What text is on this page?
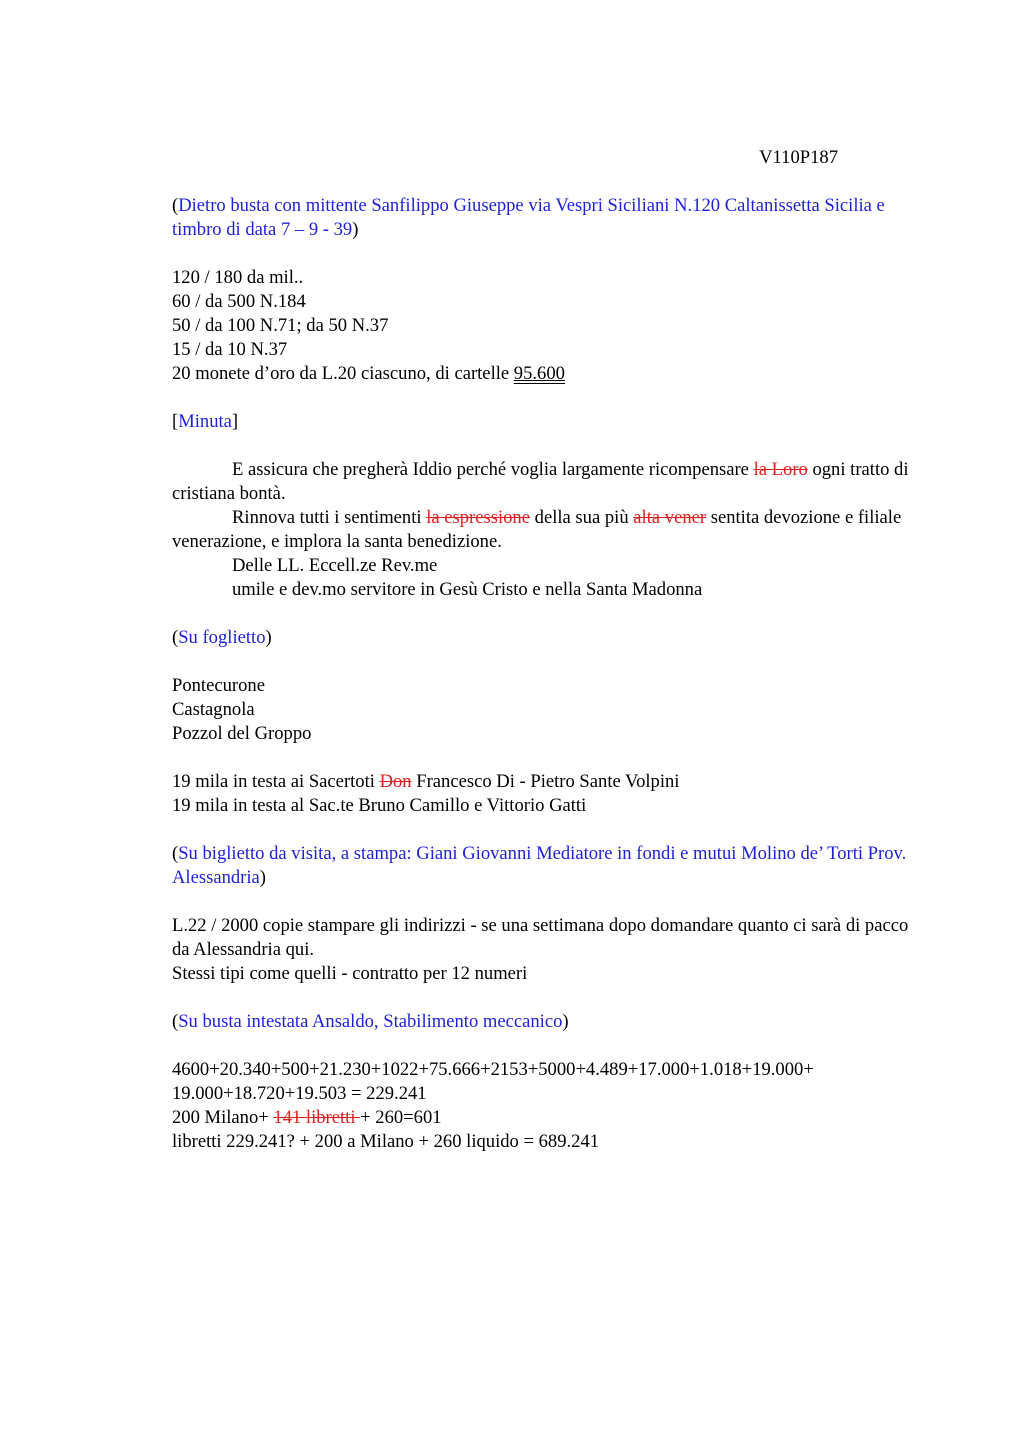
V110P187

(Dietro busta con mittente Sanfilippo Giuseppe via Vespri Siciliani N.120 Caltanissetta Sicilia e timbro di data 7 – 9 - 39)

120 / 180 da mil..

60 / da 500 N.184

50 / da 100 N.71; da 50 N.37

15 / da 10 N.37

20 monete d’oro da L.20 ciascuno, di cartelle 95.600

[Minuta]

E assicura che pregherà Iddio perché voglia largamente ricompensare la Loro ogni tratto di cristiana bontà.

Rinnova tutti i sentimenti la espressione della sua più alta vener sentita devozione e filiale venerazione, e implora la santa benedizione.

Delle LL. Eccell.ze Rev.me

umile e dev.mo servitore in Gesù Cristo e nella Santa Madonna

(Su foglietto)

Pontecurone

Castagnola

Pozzol del Groppo

19 mila in testa ai Sacertoti Don Francesco Di - Pietro Sante Volpini

19 mila in testa al Sac.te Bruno Camillo e Vittorio Gatti

(Su biglietto da visita, a stampa: Giani Giovanni Mediatore in fondi e mutui Molino de’ Torti Prov. Alessandria)

L.22 / 2000 copie stampare gli indirizzi - se una settimana dopo domandare quanto ci sarà di pacco da Alessandria qui.

Stessi tipi come quelli - contratto per 12 numeri

(Su busta intestata Ansaldo, Stabilimento meccanico)

4600+20.340+500+21.230+1022+75.666+2153+5000+4.489+17.000+1.018+19.000+ 19.000+18.720+19.503 = 229.241

200 Milano+ 141 libretti + 260=601

libretti 229.241? + 200 a Milano + 260 liquido = 689.241
